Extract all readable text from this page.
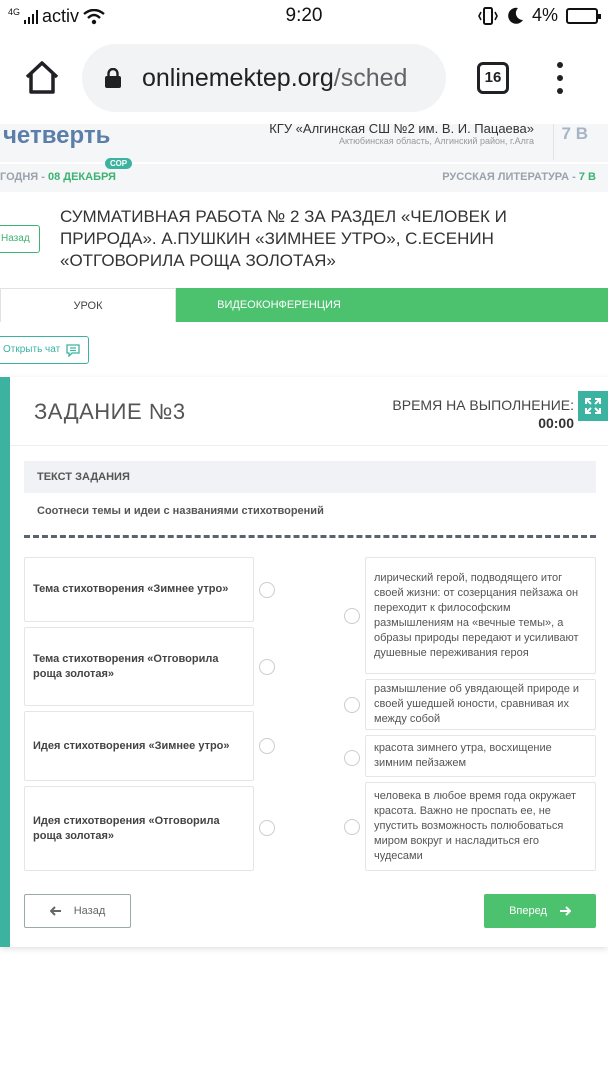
4G activ	9:20	4%
onlinemektep.org/sched	16
четверть	КГУ «Алгинская СШ №2 им. В. И. Пацаева»
Актюбинская область, Алгинский район, г.Алга 7 В
ГОДНЯ - 08 ДЕКАБРЯ
СОР
РУССКАЯ ЛИТЕРАТУРА - 7 В
Назад
СУММАТИВНАЯ РАБОТА № 2 ЗА РАЗДЕЛ «ЧЕЛОВЕК И ПРИРОДА». А.ПУШКИН «ЗИМНЕЕ УТРО», С.ЕСЕНИН «ОТГОВОРИЛА РОЩА ЗОЛОТАЯ»
УРОК	ВИДЕОКОНФЕРЕНЦИЯ
Открыть чат
ЗАДАНИЕ №3	ВРЕМЯ НА ВЫПОЛНЕНИЕ:
00:00
ТЕКСТ ЗАДАНИЯ
Соотнеси темы и идеи с названиями стихотворений
Тема стихотворения «Зимнее утро»
Тема стихотворения «Отговорила роща золотая»
Идея стихотворения «Зимнее утро»
Идея стихотворения «Отговорила роща золотая»
лирический герой, подводящего итог своей жизни: от созерцания пейзажа он переходит к философским размышлениям на «вечные темы», а образы природы передают и усиливают душевные переживания героя
размышление об увядающей природе и своей ушедшей юности, сравнивая их между собой
красота зимнего утра, восхищение зимним пейзажем
человека в любое время года окружает красота. Важно не проспать ее, не упустить возможность полюбоваться миром вокруг и насладиться его чудесами
Назад	Вперед
